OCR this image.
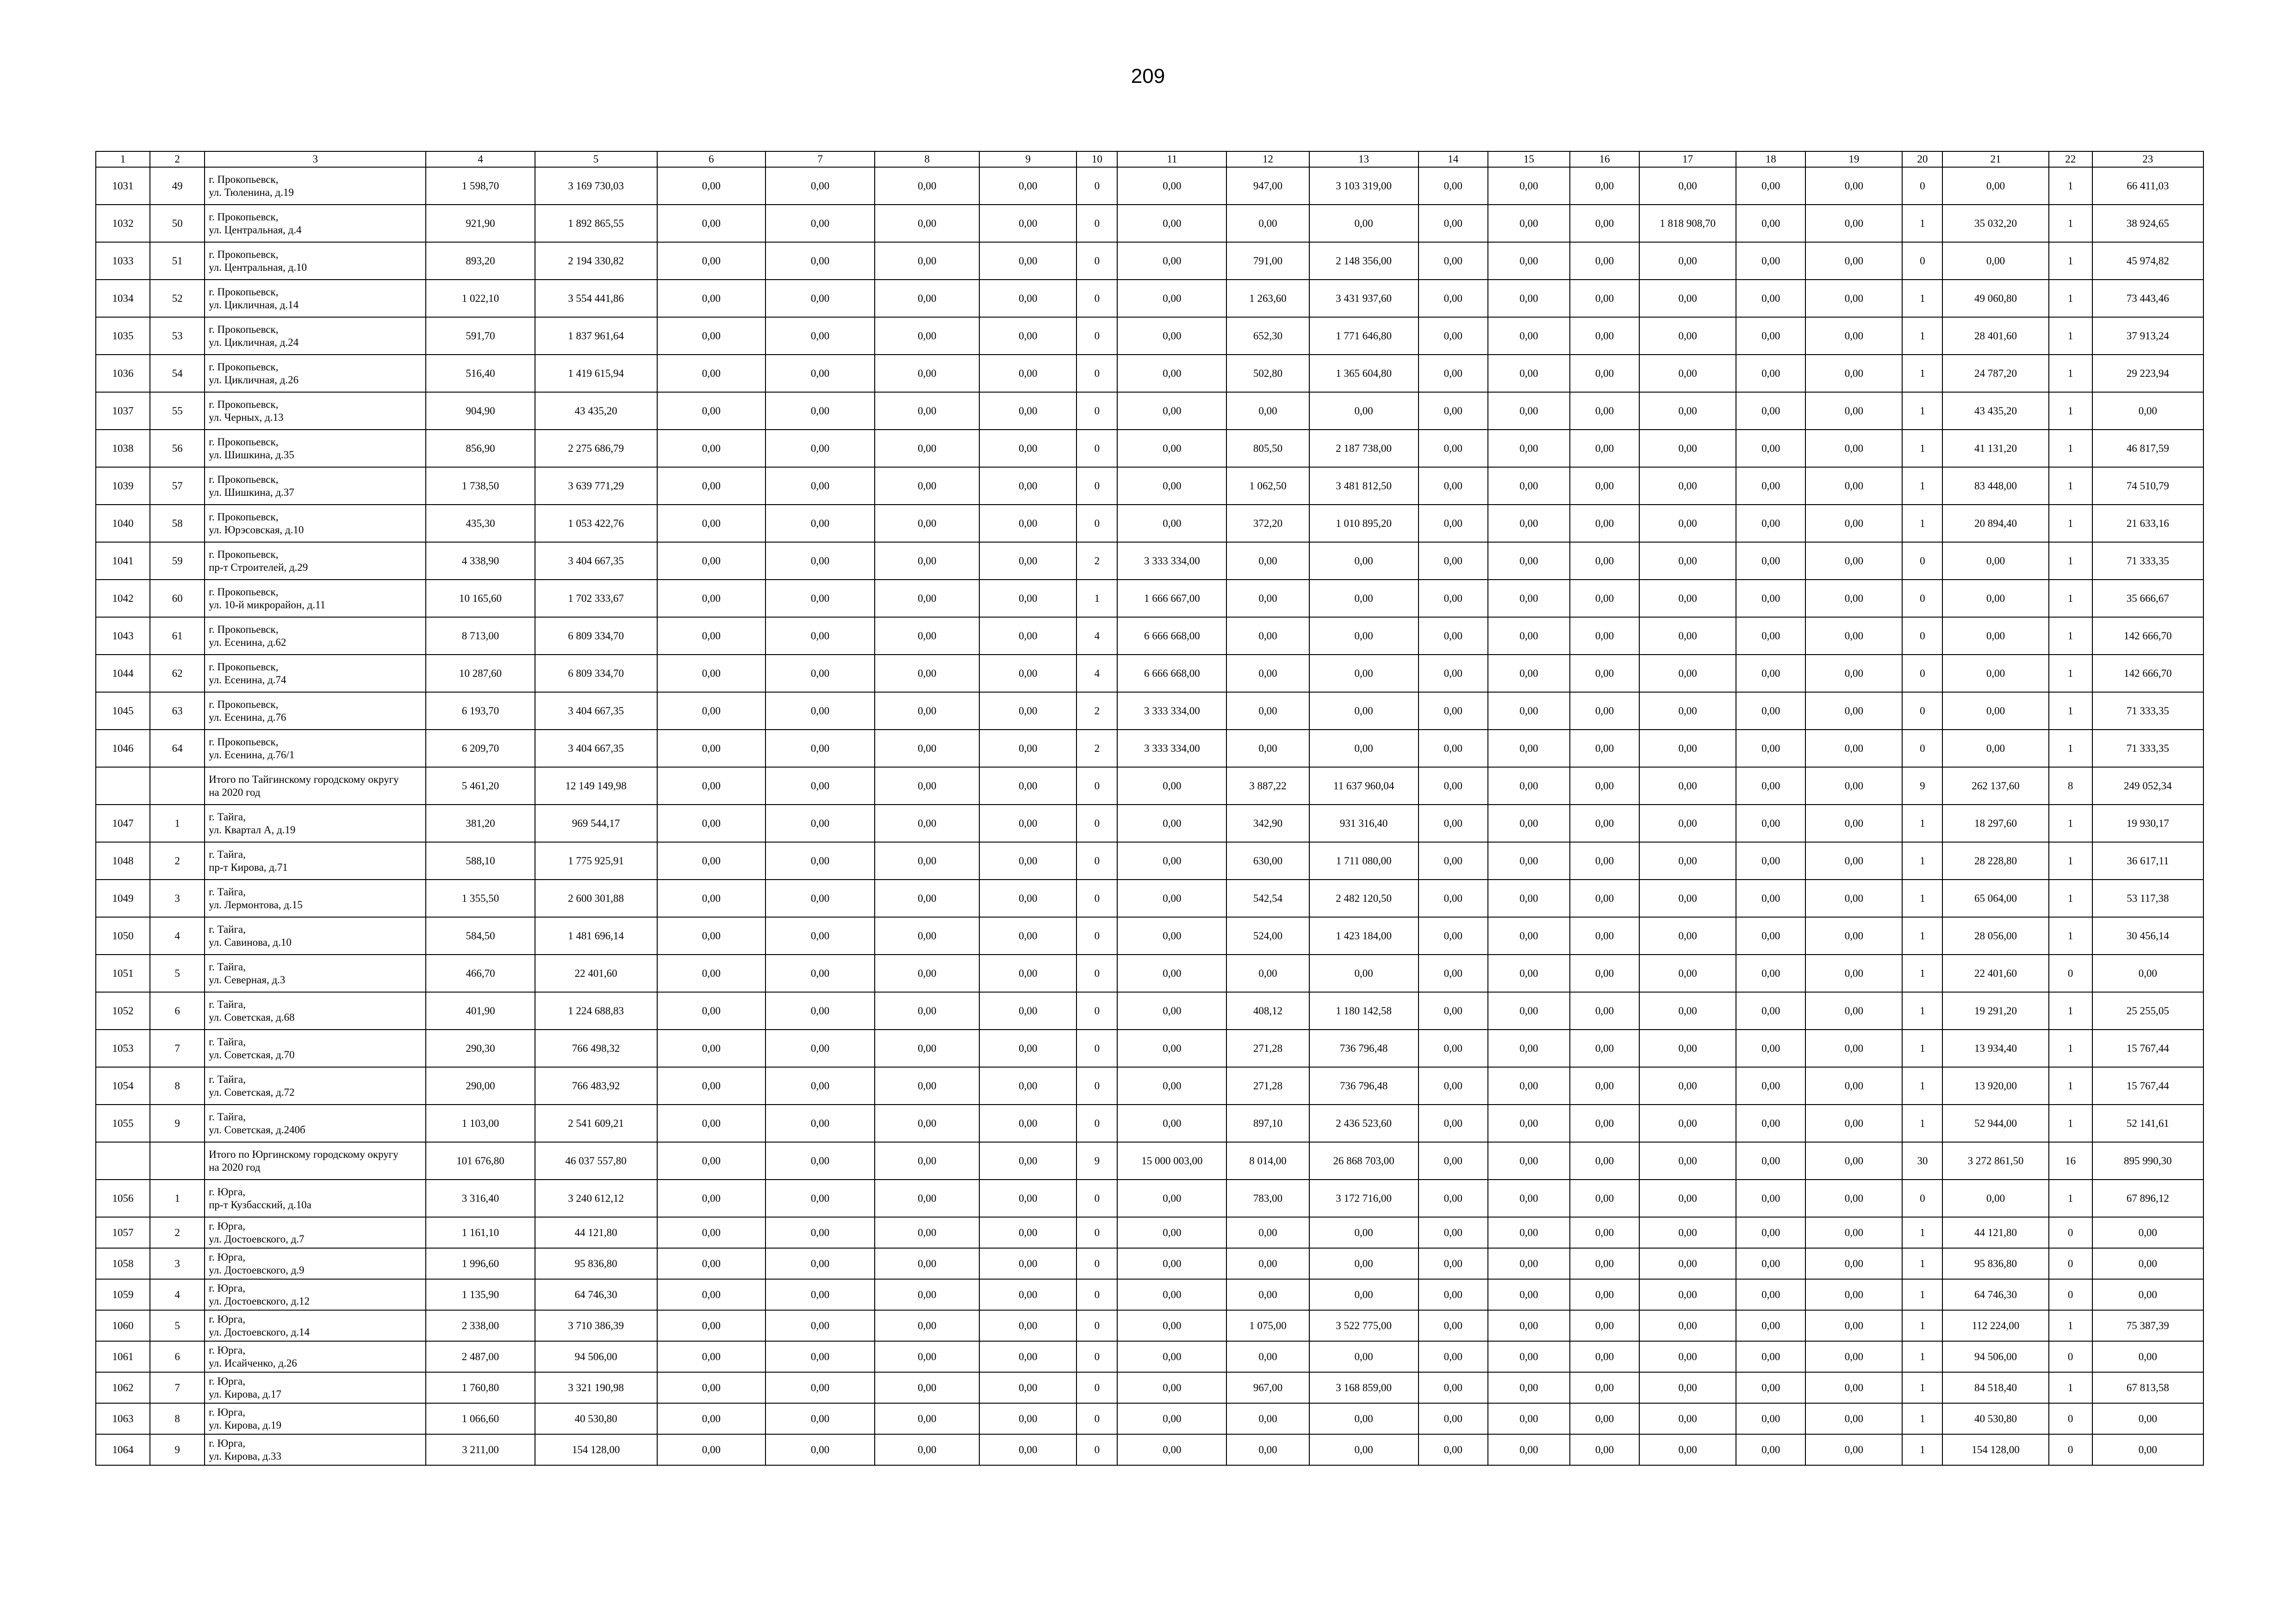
209
1	2	3	4	5	6	7	8	9	10	11	12	13	14	15	16	17	18	19	20	21	22	23
1031	49	г. Прокопьевск,
ул. Тюленина, д.19	1 598,70	3 169 730,03	0,00	0,00	0,00	0,00	0	0,00	947,00	3 103 319,00	0,00	0,00	0,00	0,00	0,00	0,00	0	0,00	1	66 411,03
1032	50	г. Прокопьевск,
ул. Центральная, д.4	921,90	1 892 865,55	0,00	0,00	0,00	0,00	0	0,00	0,00	0,00	0,00	0,00	0,00	1 818 908,70	0,00	0,00	1	35 032,20	1	38 924,65
1033	51	г. Прокопьевск,
ул. Центральная, д.10	893,20	2 194 330,82	0,00	0,00	0,00	0,00	0	0,00	791,00	2 148 356,00	0,00	0,00	0,00	0,00	0,00	0,00	0	0,00	1	45 974,82
1034	52	г. Прокопьевск,
ул. Цикличная, д.14	1 022,10	3 554 441,86	0,00	0,00	0,00	0,00	0	0,00	1 263,60	3 431 937,60	0,00	0,00	0,00	0,00	0,00	0,00	1	49 060,80	1	73 443,46
1035	53	г. Прокопьевск,
ул. Цикличная, д.24	591,70	1 837 961,64	0,00	0,00	0,00	0,00	0	0,00	652,30	1 771 646,80	0,00	0,00	0,00	0,00	0,00	0,00	1	28 401,60	1	37 913,24
1036	54	г. Прокопьевск,
ул. Цикличная, д.26	516,40	1 419 615,94	0,00	0,00	0,00	0,00	0	0,00	502,80	1 365 604,80	0,00	0,00	0,00	0,00	0,00	0,00	1	24 787,20	1	29 223,94
1037	55	г. Прокопьевск,
ул. Черных, д.13	904,90	43 435,20	0,00	0,00	0,00	0,00	0	0,00	0,00	0,00	0,00	0,00	0,00	0,00	0,00	0,00	1	43 435,20	1	0,00
1038	56	г. Прокопьевск,
ул. Шишкина, д.35	856,90	2 275 686,79	0,00	0,00	0,00	0,00	0	0,00	805,50	2 187 738,00	0,00	0,00	0,00	0,00	0,00	0,00	1	41 131,20	1	46 817,59
1039	57	г. Прокопьевск,
ул. Шишкина, д.37	1 738,50	3 639 771,29	0,00	0,00	0,00	0,00	0	0,00	1 062,50	3 481 812,50	0,00	0,00	0,00	0,00	0,00	0,00	1	83 448,00	1	74 510,79
1040	58	г. Прокопьевск,
ул. Юрэсовская, д.10	435,30	1 053 422,76	0,00	0,00	0,00	0,00	0	0,00	372,20	1 010 895,20	0,00	0,00	0,00	0,00	0,00	0,00	1	20 894,40	1	21 633,16
1041	59	г. Прокопьевск,
пр-т Строителей, д.29	4 338,90	3 404 667,35	0,00	0,00	0,00	0,00	2	3 333 334,00	0,00	0,00	0,00	0,00	0,00	0,00	0,00	0,00	0	0,00	1	71 333,35
1042	60	г. Прокопьевск,
ул. 10-й микрорайон, д.11	10 165,60	1 702 333,67	0,00	0,00	0,00	0,00	1	1 666 667,00	0,00	0,00	0,00	0,00	0,00	0,00	0,00	0,00	0	0,00	1	35 666,67
1043	61	г. Прокопьевск,
ул. Есенина, д.62	8 713,00	6 809 334,70	0,00	0,00	0,00	0,00	4	6 666 668,00	0,00	0,00	0,00	0,00	0,00	0,00	0,00	0,00	0	0,00	1	142 666,70
1044	62	г. Прокопьевск,
ул. Есенина, д.74	10 287,60	6 809 334,70	0,00	0,00	0,00	0,00	4	6 666 668,00	0,00	0,00	0,00	0,00	0,00	0,00	0,00	0,00	0	0,00	1	142 666,70
1045	63	г. Прокопьевск,
ул. Есенина, д.76	6 193,70	3 404 667,35	0,00	0,00	0,00	0,00	2	3 333 334,00	0,00	0,00	0,00	0,00	0,00	0,00	0,00	0,00	0	0,00	1	71 333,35
1046	64	г. Прокопьевск,
ул. Есенина, д.76/1	6 209,70	3 404 667,35	0,00	0,00	0,00	0,00	2	3 333 334,00	0,00	0,00	0,00	0,00	0,00	0,00	0,00	0,00	0	0,00	1	71 333,35

		Итого по Тайгинскому городскому округу
на 2020 год	5 461,20	12 149 149,98	0,00	0,00	0,00	0,00	0	0,00	3 887,22	11 637 960,04	0,00	0,00	0,00	0,00	0,00	0,00	9	262 137,60	8	249 052,34
1047	1	г. Тайга,
ул. Квартал А, д.19	381,20	969 544,17	0,00	0,00	0,00	0,00	0	0,00	342,90	931 316,40	0,00	0,00	0,00	0,00	0,00	0,00	1	18 297,60	1	19 930,17
1048	2	г. Тайга,
пр-т Кирова, д.71	588,10	1 775 925,91	0,00	0,00	0,00	0,00	0	0,00	630,00	1 711 080,00	0,00	0,00	0,00	0,00	0,00	0,00	1	28 228,80	1	36 617,11
1049	3	г. Тайга,
ул. Лермонтова, д.15	1 355,50	2 600 301,88	0,00	0,00	0,00	0,00	0	0,00	542,54	2 482 120,50	0,00	0,00	0,00	0,00	0,00	0,00	1	65 064,00	1	53 117,38
1050	4	г. Тайга,
ул. Савинова, д.10	584,50	1 481 696,14	0,00	0,00	0,00	0,00	0	0,00	524,00	1 423 184,00	0,00	0,00	0,00	0,00	0,00	0,00	1	28 056,00	1	30 456,14
1051	5	г. Тайга,
ул. Северная, д.3	466,70	22 401,60	0,00	0,00	0,00	0,00	0	0,00	0,00	0,00	0,00	0,00	0,00	0,00	0,00	0,00	1	22 401,60	0	0,00
1052	6	г. Тайга,
ул. Советская, д.68	401,90	1 224 688,83	0,00	0,00	0,00	0,00	0	0,00	408,12	1 180 142,58	0,00	0,00	0,00	0,00	0,00	0,00	1	19 291,20	1	25 255,05
1053	7	г. Тайга,
ул. Советская, д.70	290,30	766 498,32	0,00	0,00	0,00	0,00	0	0,00	271,28	736 796,48	0,00	0,00	0,00	0,00	0,00	0,00	1	13 934,40	1	15 767,44
1054	8	г. Тайга,
ул. Советская, д.72	290,00	766 483,92	0,00	0,00	0,00	0,00	0	0,00	271,28	736 796,48	0,00	0,00	0,00	0,00	0,00	0,00	1	13 920,00	1	15 767,44
1055	9	г. Тайга,
ул. Советская, д.240б	1 103,00	2 541 609,21	0,00	0,00	0,00	0,00	0	0,00	897,10	2 436 523,60	0,00	0,00	0,00	0,00	0,00	0,00	1	52 944,00	1	52 141,61

		Итого по Юргинскому городскому округу
на 2020 год	101 676,80	46 037 557,80	0,00	0,00	0,00	0,00	9	15 000 003,00	8 014,00	26 868 703,00	0,00	0,00	0,00	0,00	0,00	0,00	30	3 272 861,50	16	895 990,30
1056	1	г. Юрга,
пр-т Кузбасский, д.10а	3 316,40	3 240 612,12	0,00	0,00	0,00	0,00	0	0,00	783,00	3 172 716,00	0,00	0,00	0,00	0,00	0,00	0,00	0	0,00	1	67 896,12
1057	2	г. Юрга,
ул. Достоевского, д.7	1 161,10	44 121,80	0,00	0,00	0,00	0,00	0	0,00	0,00	0,00	0,00	0,00	0,00	0,00	0,00	0,00	1	44 121,80	0	0,00
1058	3	г. Юрга,
ул. Достоевского, д.9	1 996,60	95 836,80	0,00	0,00	0,00	0,00	0	0,00	0,00	0,00	0,00	0,00	0,00	0,00	0,00	0,00	1	95 836,80	0	0,00
1059	4	г. Юрга,
ул. Достоевского, д.12	1 135,90	64 746,30	0,00	0,00	0,00	0,00	0	0,00	0,00	0,00	0,00	0,00	0,00	0,00	0,00	0,00	1	64 746,30	0	0,00
1060	5	г. Юрга,
ул. Достоевского, д.14	2 338,00	3 710 386,39	0,00	0,00	0,00	0,00	0	0,00	1 075,00	3 522 775,00	0,00	0,00	0,00	0,00	0,00	0,00	1	112 224,00	1	75 387,39
1061	6	г. Юрга,
ул. Исайченко, д.26	2 487,00	94 506,00	0,00	0,00	0,00	0,00	0	0,00	0,00	0,00	0,00	0,00	0,00	0,00	0,00	0,00	1	94 506,00	0	0,00
1062	7	г. Юрга,
ул. Кирова, д.17	1 760,80	3 321 190,98	0,00	0,00	0,00	0,00	0	0,00	967,00	3 168 859,00	0,00	0,00	0,00	0,00	0,00	0,00	1	84 518,40	1	67 813,58
1063	8	г. Юрга,
ул. Кирова, д.19	1 066,60	40 530,80	0,00	0,00	0,00	0,00	0	0,00	0,00	0,00	0,00	0,00	0,00	0,00	0,00	0,00	1	40 530,80	0	0,00
1064	9	г. Юрга,
ул. Кирова, д.33	3 211,00	154 128,00	0,00	0,00	0,00	0,00	0	0,00	0,00	0,00	0,00	0,00	0,00	0,00	0,00	0,00	1	154 128,00	0	0,00
